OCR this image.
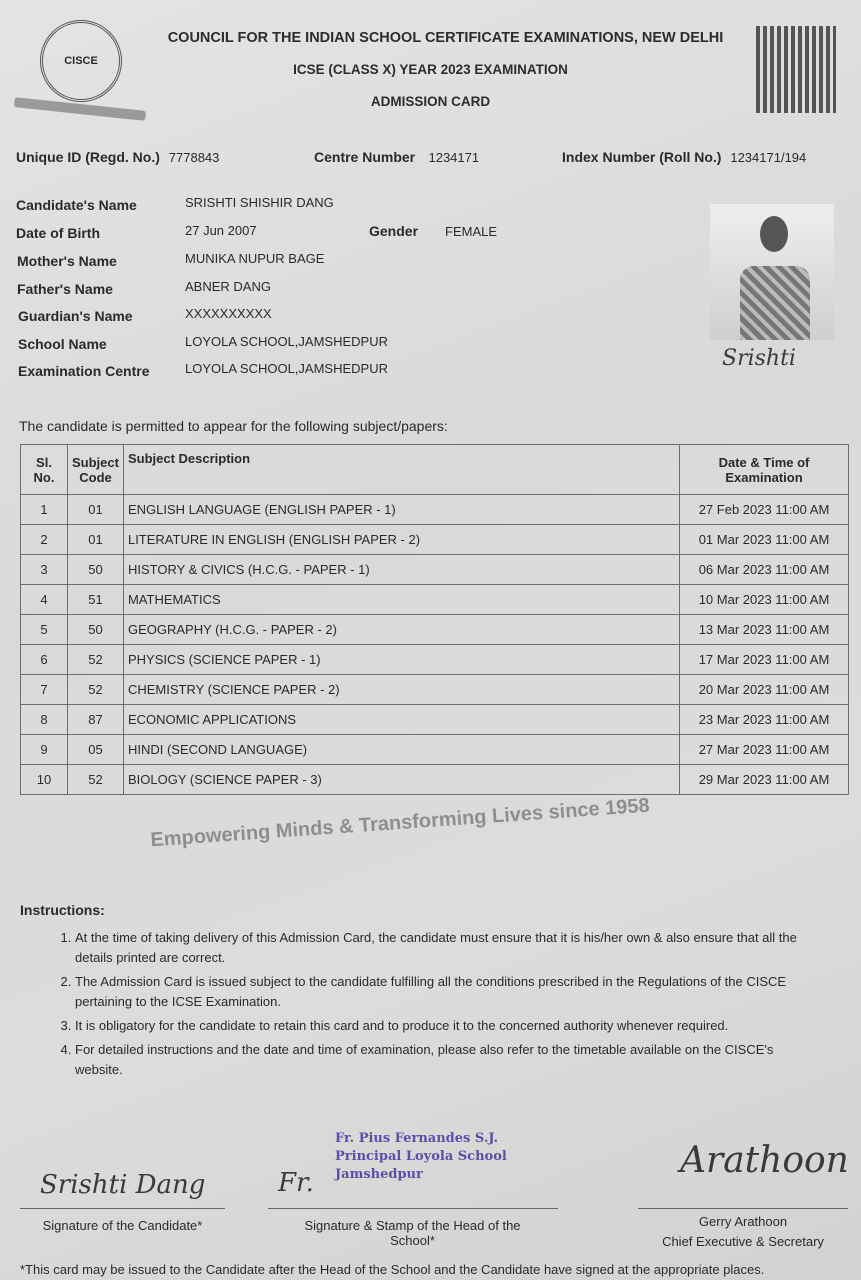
CISCE
COUNCIL FOR THE INDIAN SCHOOL CERTIFICATE EXAMINATIONS, NEW DELHI
ICSE (CLASS X) YEAR 2023 EXAMINATION
ADMISSION CARD
Unique ID (Regd. No.) 7778843	Centre Number 1234171	Index Number (Roll No.) 1234171/194
Candidate's Name	SRISHTI SHISHIR DANG
Date of Birth	27 Jun 2007	Gender FEMALE
Mother's Name	MUNIKA NUPUR BAGE
Father's Name	ABNER DANG
Guardian's Name	XXXXXXXXXX
School Name	LOYOLA SCHOOL,JAMSHEDPUR
Examination Centre	LOYOLA SCHOOL,JAMSHEDPUR	Srishti
The candidate is permitted to appear for the following subject/papers:
Sl. No.	Subject Code	Subject Description	Date & Time of Examination
1	01	ENGLISH LANGUAGE (ENGLISH PAPER - 1)	27 Feb 2023 11:00 AM
2	01	LITERATURE IN ENGLISH (ENGLISH PAPER - 2)	01 Mar 2023 11:00 AM
3	50	HISTORY & CIVICS (H.C.G. - PAPER - 1)	06 Mar 2023 11:00 AM
4	51	MATHEMATICS	10 Mar 2023 11:00 AM
5	50	GEOGRAPHY (H.C.G. - PAPER - 2)	13 Mar 2023 11:00 AM
6	52	PHYSICS (SCIENCE PAPER - 1)	17 Mar 2023 11:00 AM
7	52	CHEMISTRY (SCIENCE PAPER - 2)	20 Mar 2023 11:00 AM
8	87	ECONOMIC APPLICATIONS	23 Mar 2023 11:00 AM
9	05	HINDI (SECOND LANGUAGE)	27 Mar 2023 11:00 AM
10	52	BIOLOGY (SCIENCE PAPER - 3)	29 Mar 2023 11:00 AM
Empowering Minds & Transforming Lives since 1958
Instructions:
1. At the time of taking delivery of this Admission Card, the candidate must ensure that it is his/her own & also ensure that all the details printed are correct.
2. The Admission Card is issued subject to the candidate fulfilling all the conditions prescribed in the Regulations of the CISCE pertaining to the ICSE Examination.
3. It is obligatory for the candidate to retain this card and to produce it to the concerned authority whenever required.
4. For detailed instructions and the date and time of examination, please also refer to the timetable available on the CISCE's website.
Srishti Dang
Signature of the Candidate*
Fr.
Fr. Pius Fernandes S.J. Principal Loyola School Jamshedpur
Signature & Stamp of the Head of the School*
Arathoon
Gerry Arathoon
Chief Executive & Secretary
*This card may be issued to the Candidate after the Head of the School and the Candidate have signed at the appropriate places.
